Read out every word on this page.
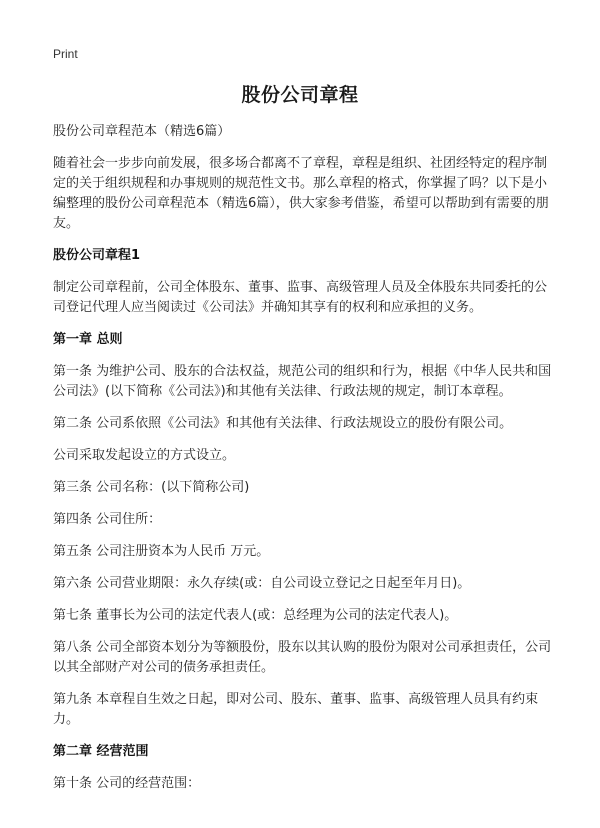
Print
股份公司章程

股份公司章程范本（精选6篇）

随着社会一步步向前发展，很多场合都离不了章程，章程是组织、社团经特定的程序制定的关于组织规程和办事规则的规范性文书。那么章程的格式，你掌握了吗？以下是小编整理的股份公司章程范本（精选6篇），供大家参考借鉴，希望可以帮助到有需要的朋友。

股份公司章程1

制定公司章程前，公司全体股东、董事、监事、高级管理人员及全体股东共同委托的公司登记代理人应当阅读过《公司法》并确知其享有的权利和应承担的义务。

第一章 总则

第一条 为维护公司、股东的合法权益，规范公司的组织和行为，根据《中华人民共和国公司法》(以下简称《公司法》)和其他有关法律、行政法规的规定，制订本章程。

第二条 公司系依照《公司法》和其他有关法律、行政法规设立的股份有限公司。

公司采取发起设立的方式设立。

第三条 公司名称：(以下简称公司)

第四条 公司住所：

第五条 公司注册资本为人民币 万元。

第六条 公司营业期限：永久存续(或：自公司设立登记之日起至年月日)。

第七条 董事长为公司的法定代表人(或：总经理为公司的法定代表人)。

第八条 公司全部资本划分为等额股份，股东以其认购的股份为限对公司承担责任，公司以其全部财产对公司的债务承担责任。

第九条 本章程自生效之日起，即对公司、股东、董事、监事、高级管理人员具有约束力。

第二章 经营范围

第十条 公司的经营范围：
